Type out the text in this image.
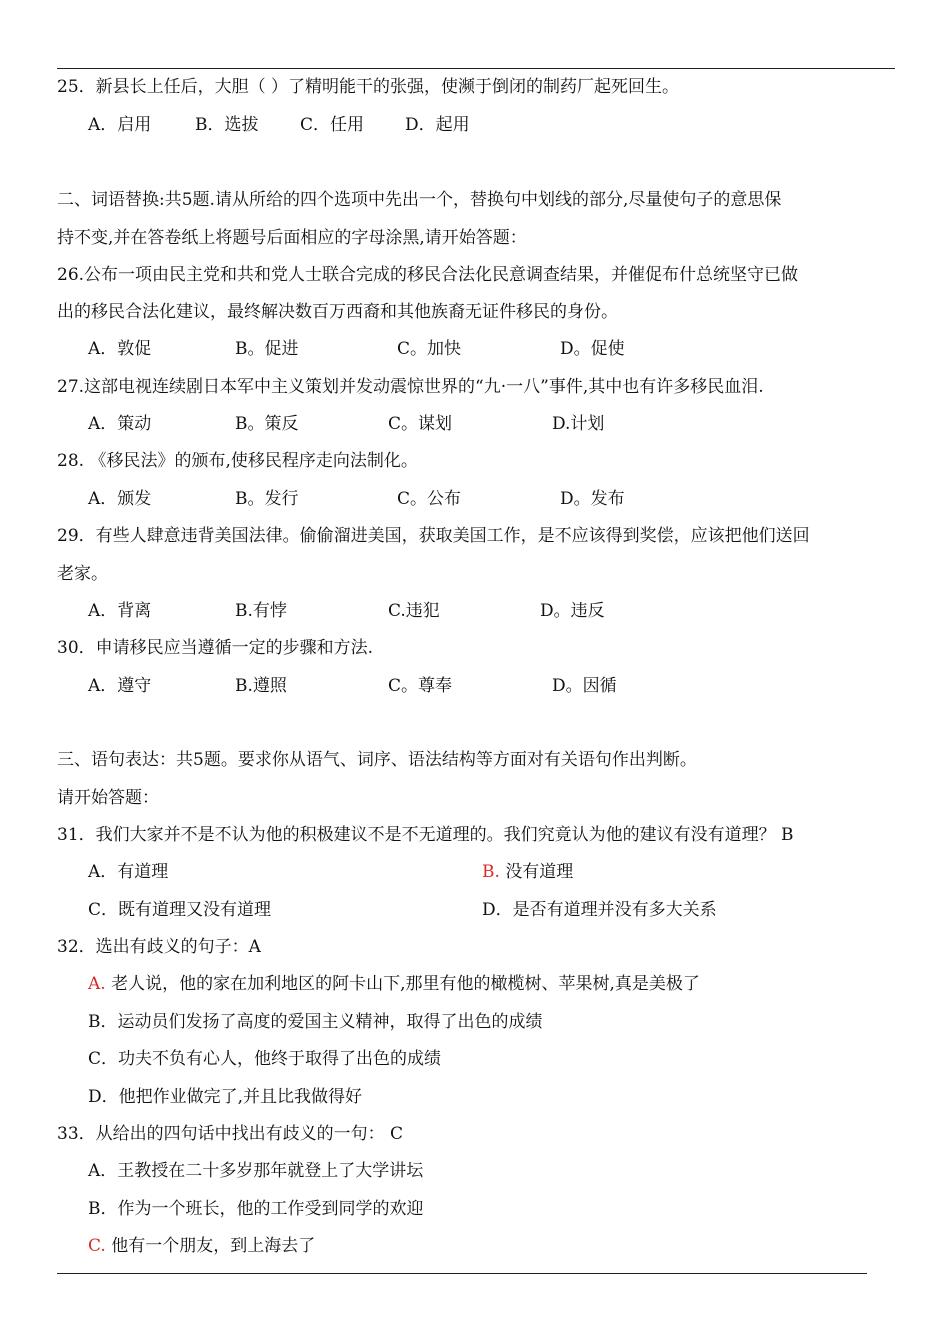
25．新县长上任后，大胆（ ）了精明能干的张强，使濒于倒闭的制药厂起死回生。
A．启用	B．选拔 C．任用 D．起用
二、词语替换:共5题.请从所给的四个选项中先出一个，替换句中划线的部分,尽量使句子的意思保
持不变,并在答卷纸上将题号后面相应的字母涂黑,请开始答题：
26.公布一项由民主党和共和党人士联合完成的移民合法化民意调查结果，并催促布什总统坚守已做
出的移民合法化建议，最终解决数百万西裔和其他族裔无证件移民的身份。
A．敦促	B。促进	C。加快	D。促使
27.这部电视连续剧日本军中主义策划并发动震惊世界的“九·一八”事件,其中也有许多移民血泪.
A．策动	B。策反	C。谋划	D.计划
28. 《移民法》的颁布,使移民程序走向法制化。
A．颁发	B。发行	C。公布	D。发布
29．有些人肆意违背美国法律。偷偷溜进美国，获取美国工作，是不应该得到奖偿，应该把他们送回
老家。
A．背离	B.有悖	C.违犯	D。违反
30．申请移民应当遵循一定的步骤和方法.
A．遵守	B.遵照	C。尊奉	D。因循
三、语句表达：共5题。要求你从语气、词序、语法结构等方面对有关语句作出判断。
请开始答题：
31．我们大家并不是不认为他的积极建议不是不无道理的。我们究竟认为他的建议有没有道理？ B
A．有道理	B. 没有道理
C．既有道理又没有道理	D．是否有道理并没有多大关系
32．选出有歧义的句子：A
A. 老人说，他的家在加利地区的阿卡山下,那里有他的橄榄树、苹果树,真是美极了
B．运动员们发扬了高度的爱国主义精神，取得了出色的成绩
C．功夫不负有心人，他终于取得了出色的成绩
D．他把作业做完了,并且比我做得好
33．从给出的四句话中找出有歧义的一句： C
A．王教授在二十多岁那年就登上了大学讲坛
B．作为一个班长，他的工作受到同学的欢迎
C. 他有一个朋友，到上海去了
